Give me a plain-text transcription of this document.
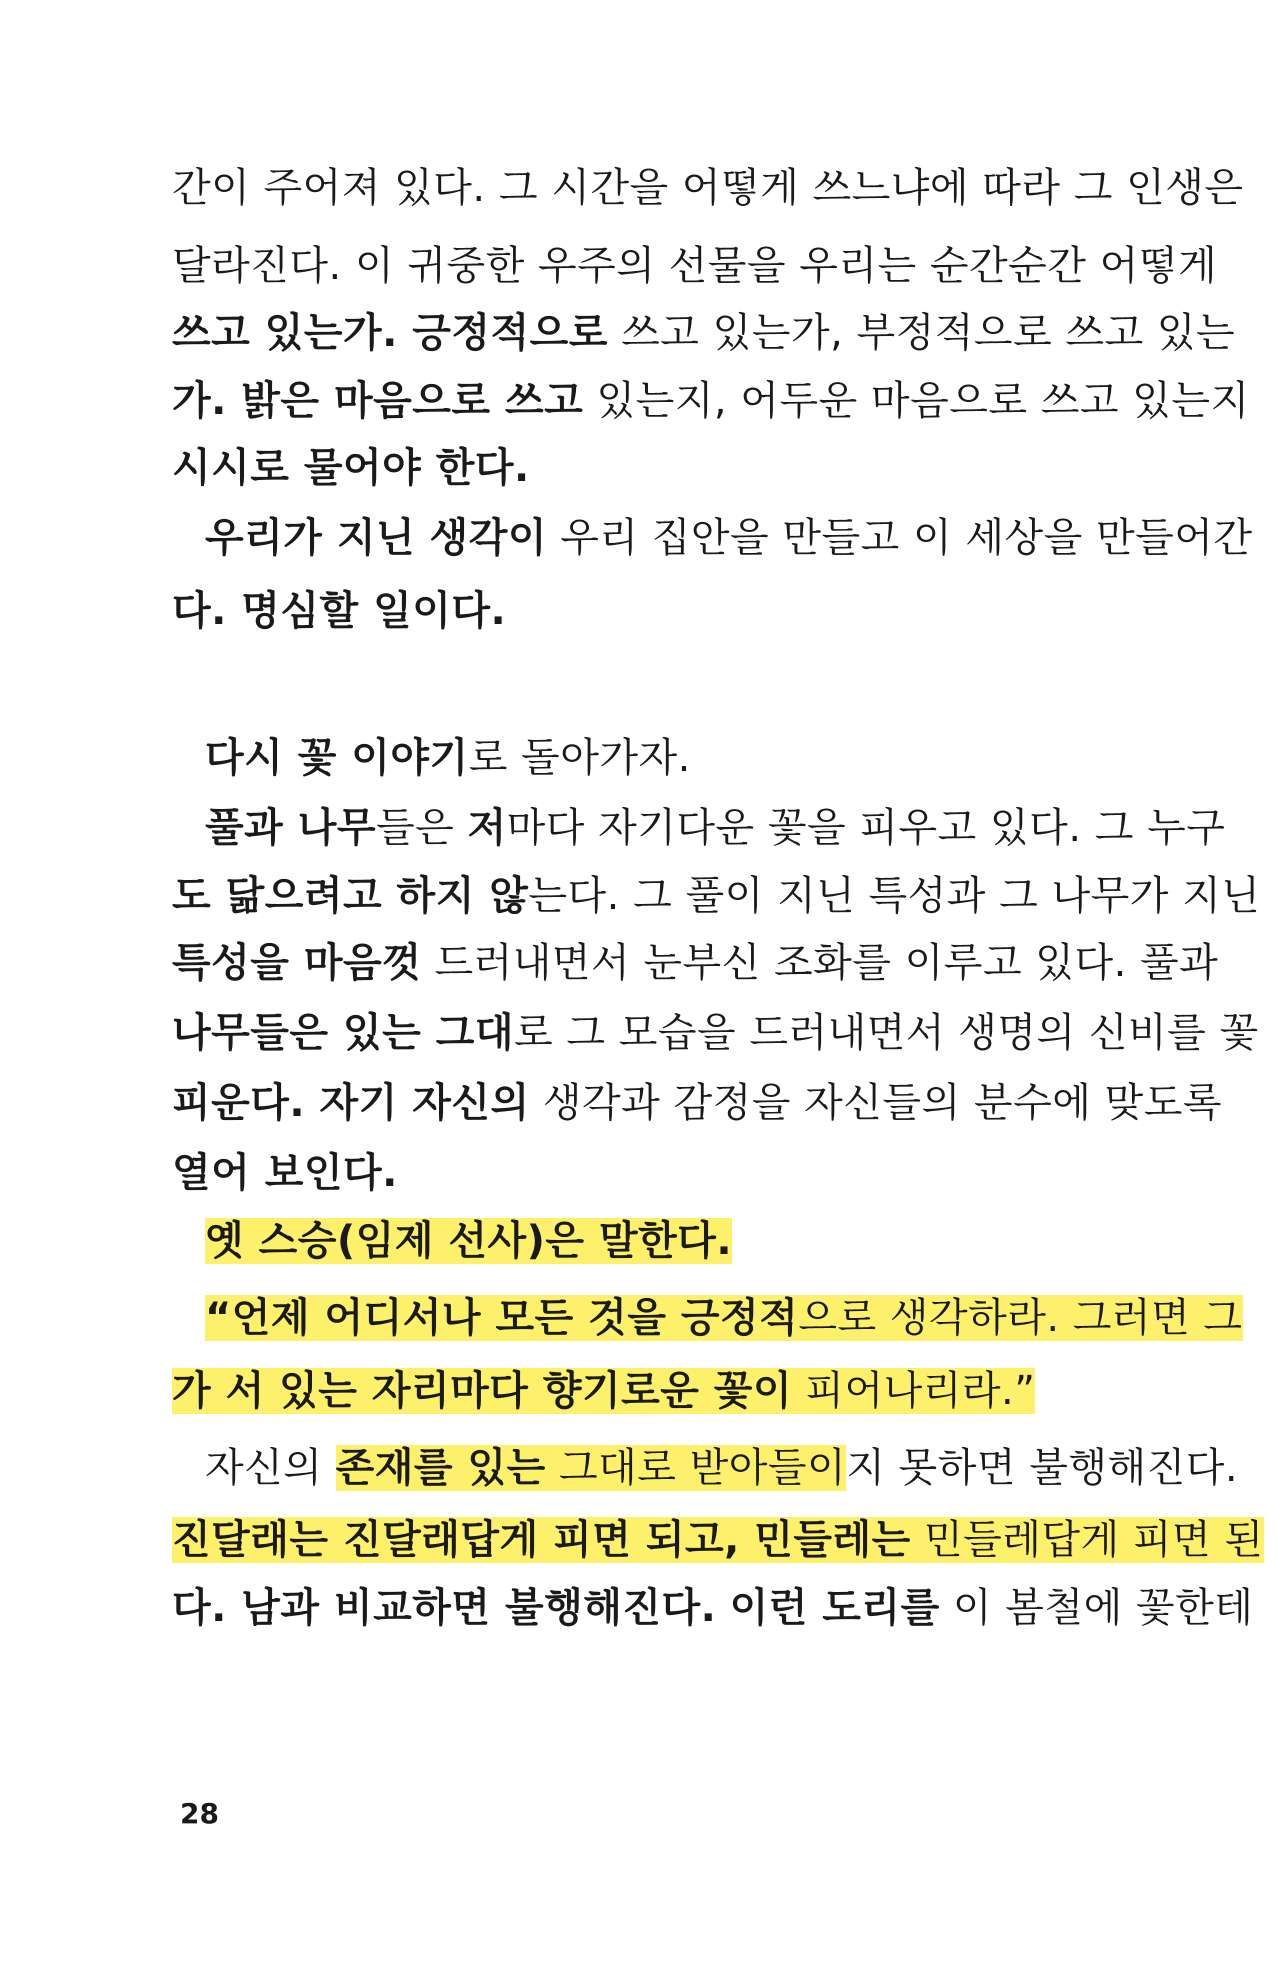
간이 주어져 있다. 그 시간을 어떻게 쓰느냐에 따라 그 인생은
달라진다. 이 귀중한 우주의 선물을 우리는 순간순간 어떻게
쓰고 있는가. 긍정적으로 쓰고 있는가, 부정적으로 쓰고 있는
가. 밝은 마음으로 쓰고 있는지, 어두운 마음으로 쓰고 있는지
시시로 물어야 한다.
우리가 지닌 생각이 우리 집안을 만들고 이 세상을 만들어간
다. 명심할 일이다.
다시 꽃 이야기로 돌아가자.
풀과 나무들은 저마다 자기다운 꽃을 피우고 있다. 그 누구
도 닮으려고 하지 않는다. 그 풀이 지닌 특성과 그 나무가 지닌
특성을 마음껏 드러내면서 눈부신 조화를 이루고 있다. 풀과
나무들은 있는 그대로 그 모습을 드러내면서 생명의 신비를 꽃
피운다. 자기 자신의 생각과 감정을 자신들의 분수에 맞도록
열어 보인다.
옛 스승(임제 선사)은 말한다.
“언제 어디서나 모든 것을 긍정적으로 생각하라. 그러면 그
가 서 있는 자리마다 향기로운 꽃이 피어나리라.”
자신의 존재를 있는 그대로 받아들이지 못하면 불행해진다.
진달래는 진달래답게 피면 되고, 민들레는 민들레답게 피면 된
다. 남과 비교하면 불행해진다. 이런 도리를 이 봄철에 꽃한테
28
